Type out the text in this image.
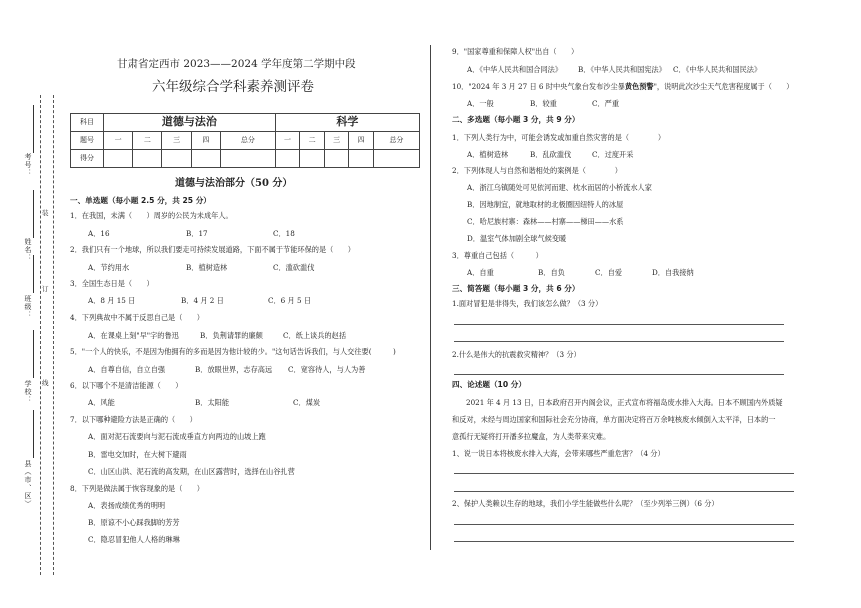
装
订
线
考号：
姓名：
班级：
学校：
县（市、区）
甘肃省定西市 2023——2024 学年度第二学期中段
六年级综合学科素养测评卷
科目	道德与法治					科学				
题号	一	二	三	四	总分	一	二	三	四	总分
得分										
道德与法治部分（50 分）
一、单选题（每小题 2.5 分，共 25 分）
1．在我国，未满（　　）周岁的公民为未成年人。
A．16	B．17	C．18
2．我们只有一个地球，所以我们要走可持续发展道路，下面不属于节能环保的是（　　）
A．节约用水	B．植树造林	C．滥砍滥伐
3．全国生态日是（　　）
A．8 月 15 日	B．4 月 2 日	C．6 月 5 日
4．下列典故中不属于反思自己是（　　）
A．在课桌上刻"早"字的鲁迅	B．负荆请罪的廉颇	C．纸上谈兵的赵括
5．"一个人的快乐，不是因为他拥有的多而是因为他计较的少。"这句话告诉我们，与人交往要(　　　)
A．自尊自信，自立自强	B．放眼世界，志存高远 C．宽容待人，与人为善
6．以下哪个不是清洁能源（　　）
A．风能	B．太阳能	C．煤炭
7．以下哪种避险方法是正确的（　　）
A．面对泥石流要向与泥石流成垂直方向两边的山坡上跑
B．雷电交加时，在大树下避雨
C．山区山洪、泥石流的高发期，在山区露营时，选择在山谷扎营
8．下列是做法属于恢容现象的是（　　）
A．表扬成绩优秀的明明
B．原谅不小心踩我脚的芳芳
C．隐忍冒犯他人人格的琳琳
9．"国家尊重和保障人权"出自（　　）
A．《中华人民共和国合同法》 B．《中华人民共和国宪法》 C．《中华人民共和国民法》
10．"2024 年 3 月 27 日 6 时中央气象台发布沙尘暴黄色预警"，说明此次沙尘天气危害程度属于（　　）
A．一般	B．较重	C．严重
二、多选题（每小题 3 分，共 9 分）
1．下列人类行为中，可能会诱发或加重自然灾害的是（　　　　）
A．植树造林	B．乱砍滥伐	C．过度开采
2．下列体现人与自然和谐相处的案例是（　　　　）
A．浙江乌镇随处可见依河而建、枕水而居的小桥流水人家
B．因地制宜，就地取材的北极圈因纽特人的冰屋
C．哈尼族村寨：森林——村寨——梯田——水系
D．温室气体加剧全球气候变暖
3．尊重自己包括（　　　）
A．自重	B．自负	C．自爱	D．自我接纳
三、简答题（每小题 3 分，共 6 分）
1.面对冒犯是非得失，我们该怎么做？（3 分）
2.什么是伟大的抗震救灾精神？（3 分）
四、论述题（10 分）
2021 年 4 月 13 日，日本政府召开内阁会议，正式宣布将福岛废水排入大海。日本不顾国内外质疑
和反对，未经与周边国家和国际社会充分协商，单方面决定将百万余吨核废水倾倒入太平洋，日本的一
意孤行无疑将打开潘多拉魔盒，为人类带来灾难。
1、说一说日本将核废水排入大海，会带来哪些严重危害？（4 分）
2、保护人类赖以生存的地球，我们小学生能做些什么呢？（至少列举三例）（6 分）
